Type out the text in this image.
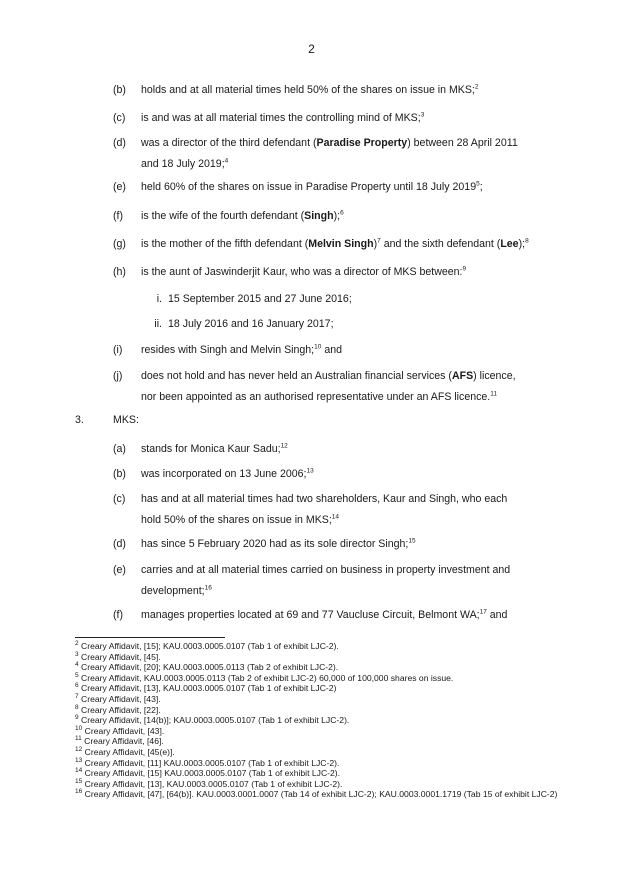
2
(b) holds and at all material times held 50% of the shares on issue in MKS;$^2$
(c) is and was at all material times the controlling mind of MKS;$^3$
(d) was a director of the third defendant (Paradise Property) between 28 April 2011
and 18 July 2019;$^4$
(e) held 60% of the shares on issue in Paradise Property until 18 July 2019$^5$;
(f) is the wife of the fourth defendant (Singh);$^6$
(g) is the mother of the fifth defendant (Melvin Singh)$^7$ and the sixth defendant (Lee);$^8$
(h) is the aunt of Jaswinderjit Kaur, who was a director of MKS between:$^9$
i. 15 September 2015 and 27 June 2016;
ii. 18 July 2016 and 16 January 2017;
(i) resides with Singh and Melvin Singh;$^{10}$ and
(j) does not hold and has never held an Australian financial services (AFS) licence,
nor been appointed as an authorised representative under an AFS licence.$^{11}$
3.	MKS:
(a) stands for Monica Kaur Sadu;$^{12}$
(b) was incorporated on 13 June 2006;$^{13}$
(c) has and at all material times had two shareholders, Kaur and Singh, who each
hold 50% of the shares on issue in MKS;$^{14}$
(d) has since 5 February 2020 had as its sole director Singh;$^{15}$
(e) carries and at all material times carried on business in property investment and
development;$^{16}$
(f) manages properties located at 69 and 77 Vaucluse Circuit, Belmont WA;$^{17}$ and
$^2$ Creary Affidavit, [15]; KAU.0003.0005.0107 (Tab 1 of exhibit LJC-2).
$^3$ Creary Affidavit, [45].
$^4$ Creary Affidavit, [20]; KAU.0003.0005.0113 (Tab 2 of exhibit LJC-2).
$^5$ Creary Affidavit, KAU.0003.0005.0113 (Tab 2 of exhibit LJC-2) 60,000 of 100,000 shares on issue.
$^6$ Creary Affidavit, [13], KAU.0003.0005.0107 (Tab 1 of exhibit LJC-2)
$^7$ Creary Affidavit, [43].
$^8$ Creary Affidavit, [22].
$^9$ Creary Affidavit, [14(b)]; KAU.0003.0005.0107 (Tab 1 of exhibit LJC-2).
$^{10}$ Creary Affidavit, [43].
$^{11}$ Creary Affidavit, [46].
$^{12}$ Creary Affidavit, [45(e)].
$^{13}$ Creary Affidavit, [11] KAU.0003.0005.0107 (Tab 1 of exhibit LJC-2).
$^{14}$ Creary Affidavit, [15] KAU.0003.0005.0107 (Tab 1 of exhibit LJC-2).
$^{15}$ Creary Affidavit, [13], KAU.0003.0005.0107 (Tab 1 of exhibit LJC-2).
$^{16}$ Creary Affidavit, [47], [64(b)]. KAU.0003.0001.0007 (Tab 14 of exhibit LJC-2); KAU.0003.0001.1719 (Tab 15 of exhibit LJC-2)
